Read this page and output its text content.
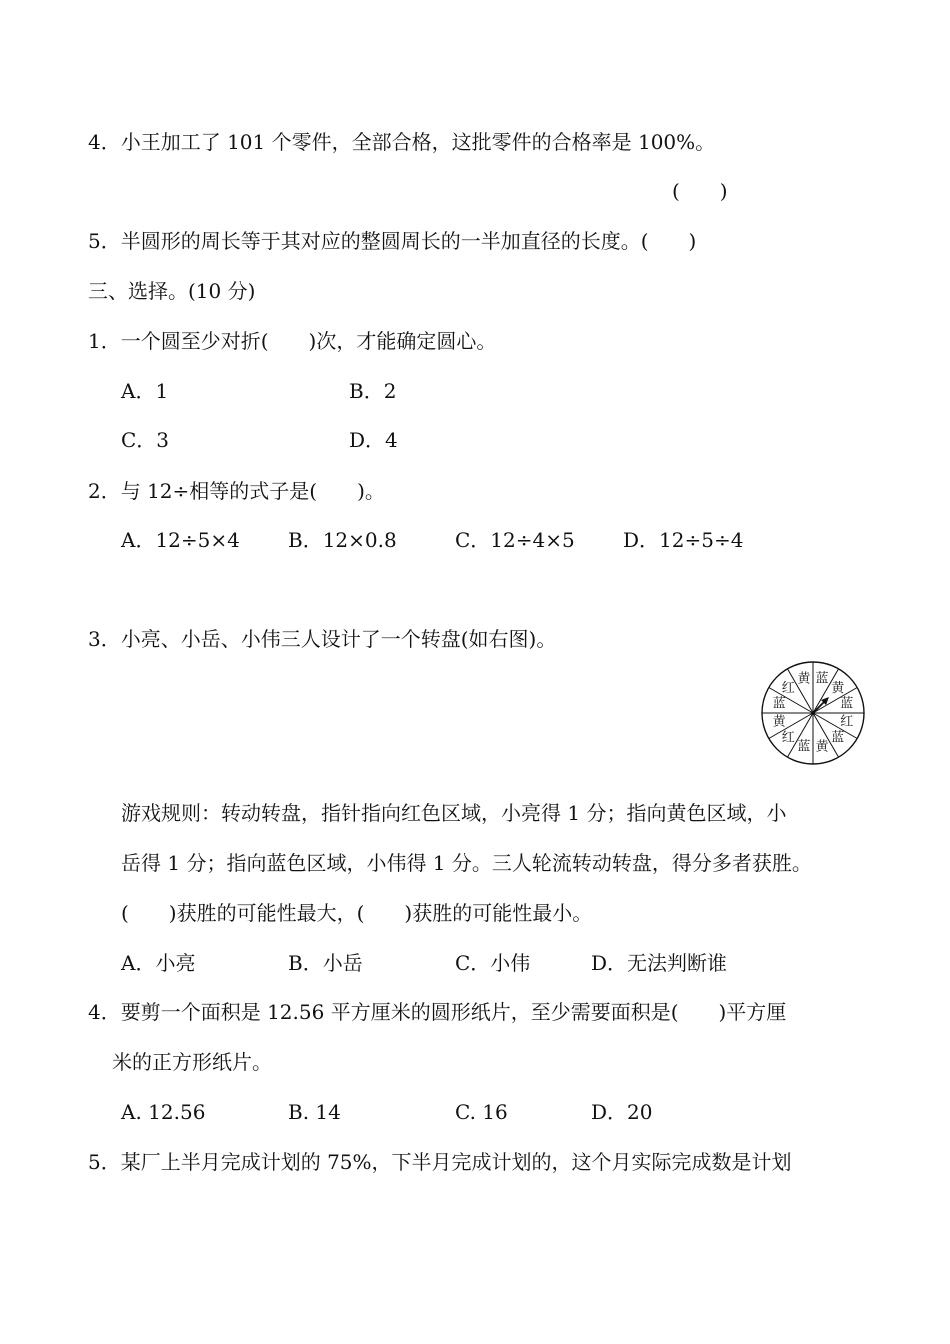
4．小王加工了 101 个零件，全部合格，这批零件的合格率是 100%。
(　　)
5．半圆形的周长等于其对应的整圆周长的一半加直径的长度。(　　)
三、选择。(10 分)
1．一个圆至少对折(　　)次，才能确定圆心。
A．1	B．2
C．3	D．4
2．与 12÷相等的式子是(　　)。
A．12÷5×4 B．12×0.8	C．12÷4×5 D．12÷5÷4
3．小亮、小岳、小伟三人设计了一个转盘(如右图)。
蓝
黄
蓝
红
蓝
黄
蓝
红
黄
蓝
红
黄
游戏规则：转动转盘，指针指向红色区域，小亮得 1 分；指向黄色区域，小
岳得 1 分；指向蓝色区域，小伟得 1 分。三人轮流转动转盘，得分多者获胜。
(　　)获胜的可能性最大，(　　)获胜的可能性最小。
A．小亮	B．小岳	C．小伟	D．无法判断谁
4．要剪一个面积是 12.56 平方厘米的圆形纸片，至少需要面积是(　　)平方厘
米的正方形纸片。
A. 12.56	B. 14	C. 16	D．20
5．某厂上半月完成计划的 75%，下半月完成计划的，这个月实际完成数是计划
